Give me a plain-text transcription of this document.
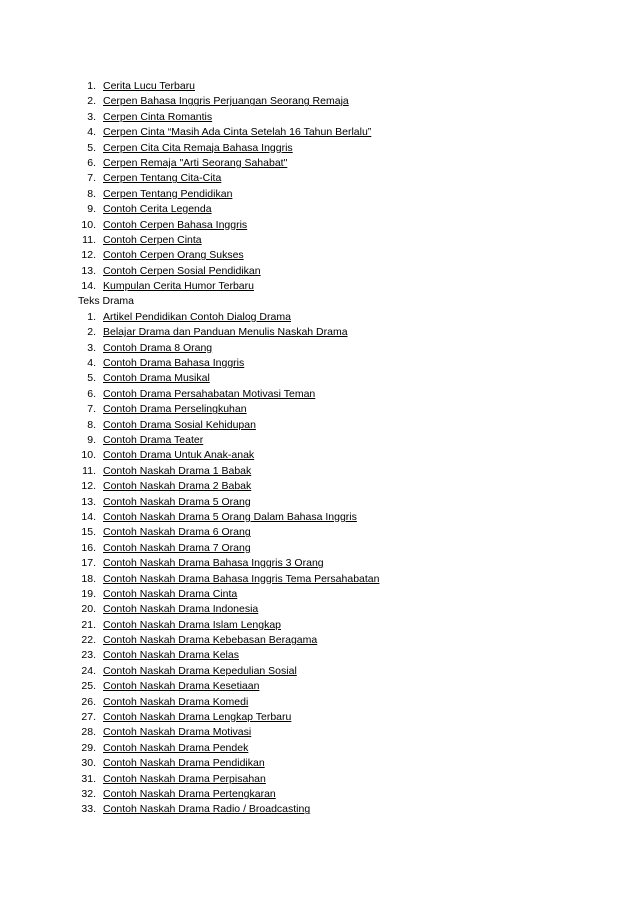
1. Cerita Lucu Terbaru
2. Cerpen Bahasa Inggris Perjuangan Seorang Remaja
3. Cerpen Cinta Romantis
4. Cerpen Cinta “Masih Ada Cinta Setelah 16 Tahun Berlalu”
5. Cerpen Cita Cita Remaja Bahasa Inggris
6. Cerpen Remaja "Arti Seorang Sahabat"
7. Cerpen Tentang Cita-Cita
8. Cerpen Tentang Pendidikan
9. Contoh Cerita Legenda
10. Contoh Cerpen Bahasa Inggris
11. Contoh Cerpen Cinta
12. Contoh Cerpen Orang Sukses
13. Contoh Cerpen Sosial Pendidikan
14. Kumpulan Cerita Humor Terbaru
Teks Drama
1. Artikel Pendidikan Contoh Dialog Drama
2. Belajar Drama dan Panduan Menulis Naskah Drama
3. Contoh Drama 8 Orang
4. Contoh Drama Bahasa Inggris
5. Contoh Drama Musikal
6. Contoh Drama Persahabatan Motivasi Teman
7. Contoh Drama Perselingkuhan
8. Contoh Drama Sosial Kehidupan
9. Contoh Drama Teater
10. Contoh Drama Untuk Anak-anak
11. Contoh Naskah Drama 1 Babak
12. Contoh Naskah Drama 2 Babak
13. Contoh Naskah Drama 5 Orang
14. Contoh Naskah Drama 5 Orang Dalam Bahasa Inggris
15. Contoh Naskah Drama 6 Orang
16. Contoh Naskah Drama 7 Orang
17. Contoh Naskah Drama Bahasa Inggris 3 Orang
18. Contoh Naskah Drama Bahasa Inggris Tema Persahabatan
19. Contoh Naskah Drama Cinta
20. Contoh Naskah Drama Indonesia
21. Contoh Naskah Drama Islam Lengkap
22. Contoh Naskah Drama Kebebasan Beragama
23. Contoh Naskah Drama Kelas
24. Contoh Naskah Drama Kepedulian Sosial
25. Contoh Naskah Drama Kesetiaan
26. Contoh Naskah Drama Komedi
27. Contoh Naskah Drama Lengkap Terbaru
28. Contoh Naskah Drama Motivasi
29. Contoh Naskah Drama Pendek
30. Contoh Naskah Drama Pendidikan
31. Contoh Naskah Drama Perpisahan
32. Contoh Naskah Drama Pertengkaran
33. Contoh Naskah Drama Radio / Broadcasting
